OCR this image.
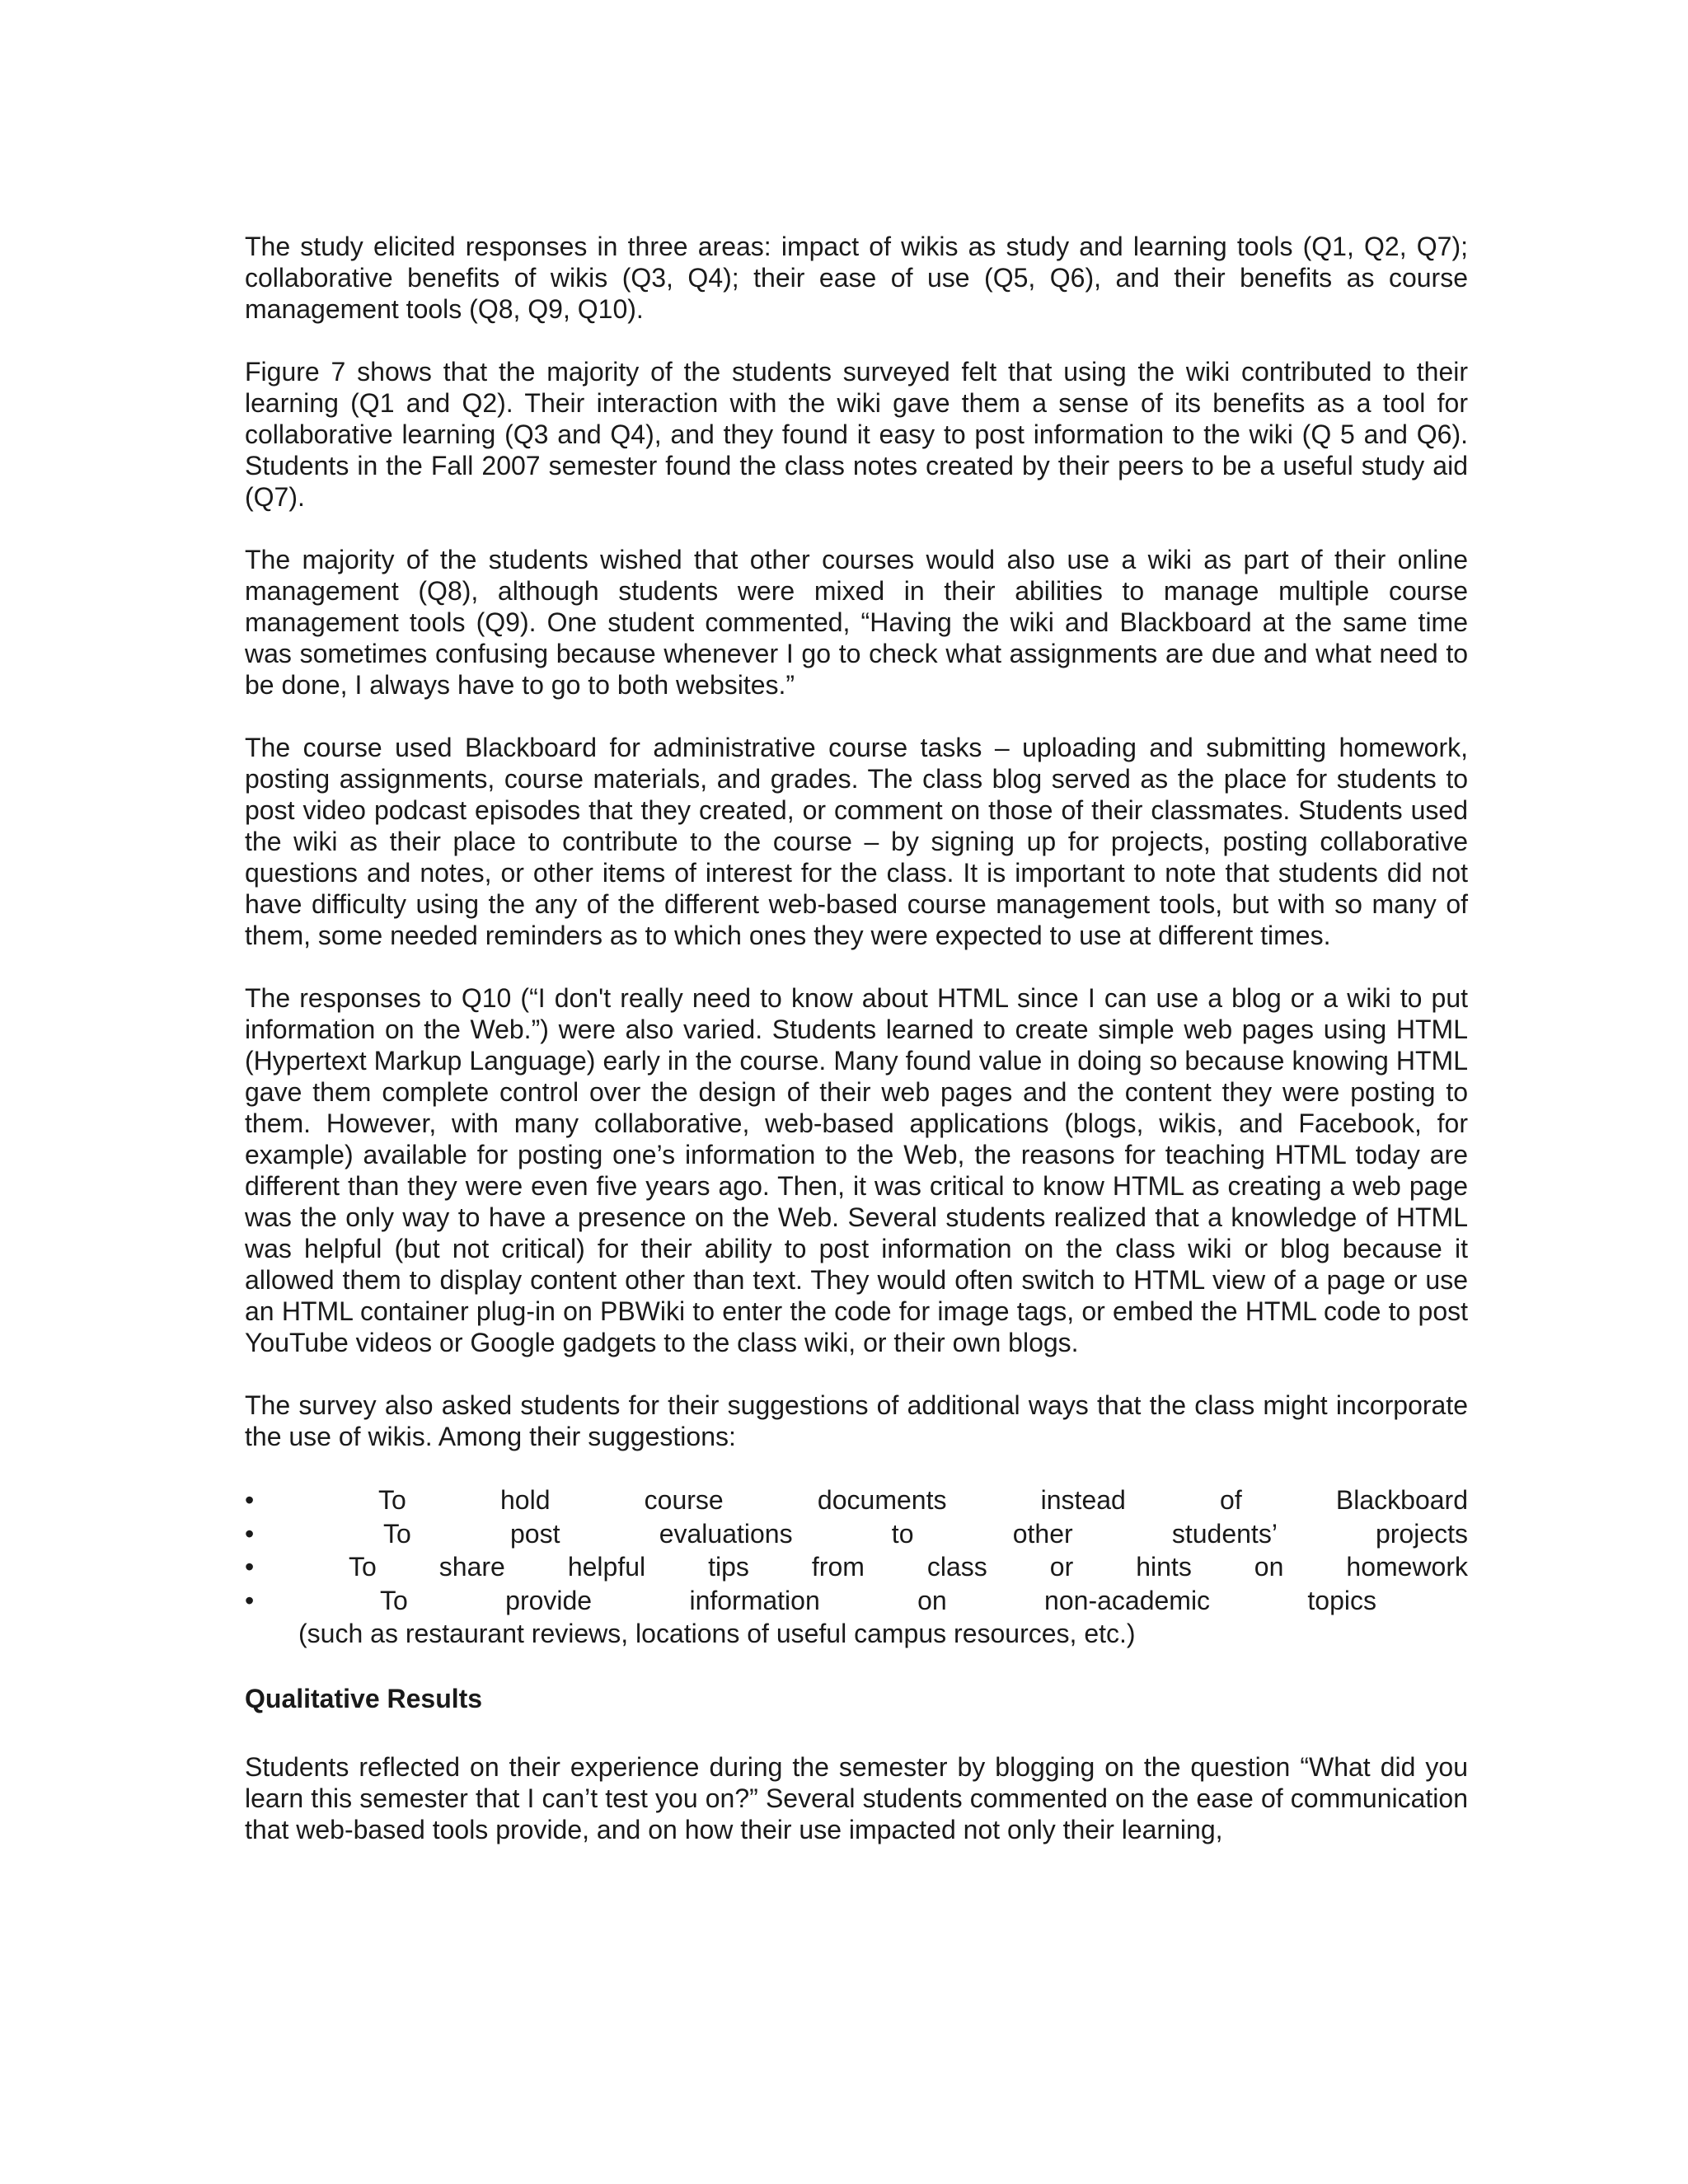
The study elicited responses in three areas: impact of wikis as study and learning tools (Q1, Q2, Q7); collaborative benefits of wikis (Q3, Q4); their ease of use (Q5, Q6), and their benefits as course management tools (Q8, Q9, Q10).

Figure 7 shows that the majority of the students surveyed felt that using the wiki contributed to their learning (Q1 and Q2). Their interaction with the wiki gave them a sense of its benefits as a tool for collaborative learning (Q3 and Q4), and they found it easy to post information to the wiki (Q 5 and Q6). Students in the Fall 2007 semester found the class notes created by their peers to be a useful study aid (Q7).

The majority of the students wished that other courses would also use a wiki as part of their online management (Q8), although students were mixed in their abilities to manage multiple course management tools (Q9). One student commented, “Having the wiki and Blackboard at the same time was sometimes confusing because whenever I go to check what assignments are due and what need to be done, I always have to go to both websites.”

The course used Blackboard for administrative course tasks – uploading and submitting homework, posting assignments, course materials, and grades. The class blog served as the place for students to post video podcast episodes that they created, or comment on those of their classmates. Students used the wiki as their place to contribute to the course – by signing up for projects, posting collaborative questions and notes, or other items of interest for the class. It is important to note that students did not have difficulty using the any of the different web-based course management tools, but with so many of them, some needed reminders as to which ones they were expected to use at different times.

The responses to Q10 (“I don't really need to know about HTML since I can use a blog or a wiki to put information on the Web.”) were also varied. Students learned to create simple web pages using HTML (Hypertext Markup Language) early in the course. Many found value in doing so because knowing HTML gave them complete control over the design of their web pages and the content they were posting to them. However, with many collaborative, web-based applications (blogs, wikis, and Facebook, for example) available for posting one’s information to the Web, the reasons for teaching HTML today are different than they were even five years ago. Then, it was critical to know HTML as creating a web page was the only way to have a presence on the Web. Several students realized that a knowledge of HTML was helpful (but not critical) for their ability to post information on the class wiki or blog because it allowed them to display content other than text. They would often switch to HTML view of a page or use an HTML container plug-in on PBWiki to enter the code for image tags, or embed the HTML code to post YouTube videos or Google gadgets to the class wiki, or their own blogs.

The survey also asked students for their suggestions of additional ways that the class might incorporate the use of wikis. Among their suggestions:

•	To hold course documents instead of Blackboard
•	To post evaluations to other students’ projects
•	To share helpful tips from class or hints on homework
•	To provide information on non-academic topics
(such as restaurant reviews, locations of useful campus resources, etc.)
Qualitative Results

Students reflected on their experience during the semester by blogging on the question “What did you learn this semester that I can’t test you on?” Several students commented on the ease of communication that web-based tools provide, and on how their use impacted not only their learning,
